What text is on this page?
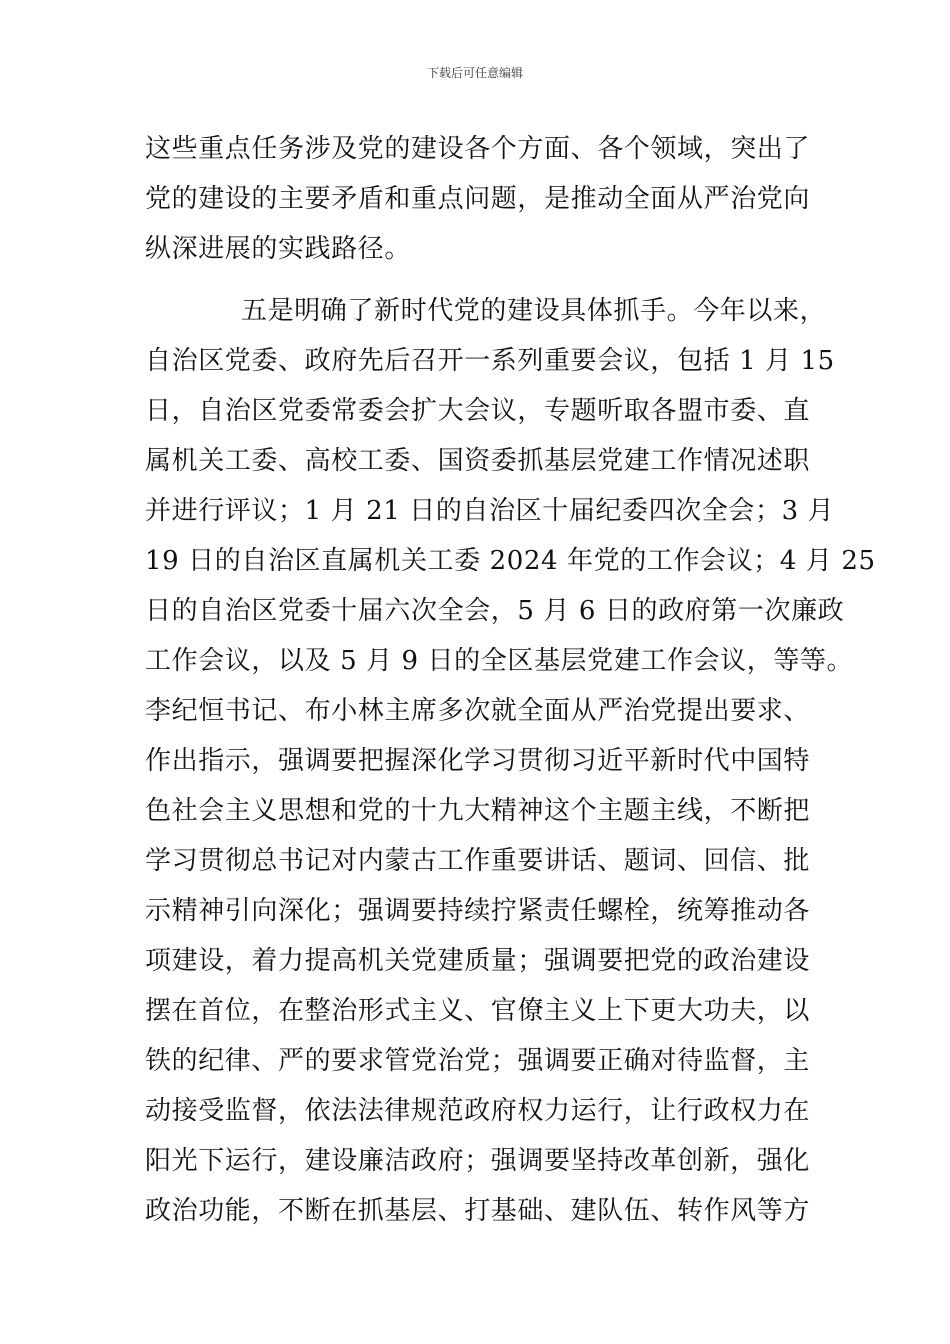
下载后可任意编辑
这些重点任务涉及党的建设各个方面、各个领域，突出了
党的建设的主要矛盾和重点问题，是推动全面从严治党向
纵深进展的实践路径。
五是明确了新时代党的建设具体抓手。今年以来，
自治区党委、政府先后召开一系列重要会议，包括 1 月 15
日，自治区党委常委会扩大会议，专题听取各盟市委、直
属机关工委、高校工委、国资委抓基层党建工作情况述职
并进行评议；1 月 21 日的自治区十届纪委四次全会；3 月
19 日的自治区直属机关工委 2024 年党的工作会议；4 月 25
日的自治区党委十届六次全会，5 月 6 日的政府第一次廉政
工作会议，以及 5 月 9 日的全区基层党建工作会议，等等。
李纪恒书记、布小林主席多次就全面从严治党提出要求、
作出指示，强调要把握深化学习贯彻习近平新时代中国特
色社会主义思想和党的十九大精神这个主题主线，不断把
学习贯彻总书记对内蒙古工作重要讲话、题词、回信、批
示精神引向深化；强调要持续拧紧责任螺栓，统筹推动各
项建设，着力提高机关党建质量；强调要把党的政治建设
摆在首位，在整治形式主义、官僚主义上下更大功夫，以
铁的纪律、严的要求管党治党；强调要正确对待监督，主
动接受监督，依法法律规范政府权力运行，让行政权力在
阳光下运行，建设廉洁政府；强调要坚持改革创新，强化
政治功能，不断在抓基层、打基础、建队伍、转作风等方
